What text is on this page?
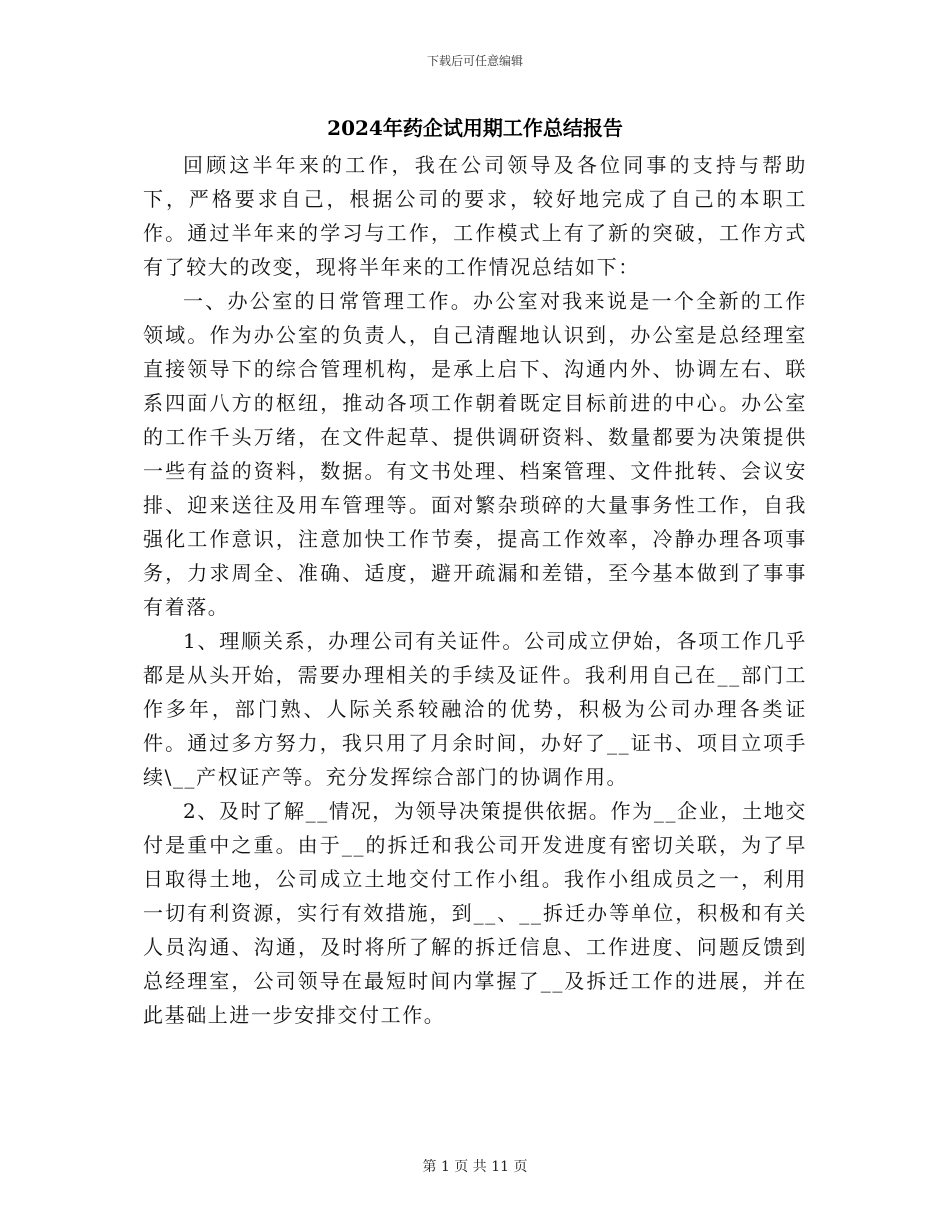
下载后可任意编辑
2024年药企试用期工作总结报告

回顾这半年来的工作，我在公司领导及各位同事的支持与帮助下，严格要求自己，根据公司的要求，较好地完成了自己的本职工作。通过半年来的学习与工作，工作模式上有了新的突破，工作方式有了较大的改变，现将半年来的工作情况总结如下：

一、办公室的日常管理工作。办公室对我来说是一个全新的工作领域。作为办公室的负责人，自己清醒地认识到，办公室是总经理室直接领导下的综合管理机构，是承上启下、沟通内外、协调左右、联系四面八方的枢纽，推动各项工作朝着既定目标前进的中心。办公室的工作千头万绪，在文件起草、提供调研资料、数量都要为决策提供一些有益的资料，数据。有文书处理、档案管理、文件批转、会议安排、迎来送往及用车管理等。面对繁杂琐碎的大量事务性工作，自我强化工作意识，注意加快工作节奏，提高工作效率，冷静办理各项事务，力求周全、准确、适度，避开疏漏和差错，至今基本做到了事事有着落。

1、理顺关系，办理公司有关证件。公司成立伊始，各项工作几乎都是从头开始，需要办理相关的手续及证件。我利用自己在__部门工作多年，部门熟、人际关系较融洽的优势，积极为公司办理各类证件。通过多方努力，我只用了月余时间，办好了__证书、项目立项手续\__产权证产等。充分发挥综合部门的协调作用。

2、及时了解__情况，为领导决策提供依据。作为__企业，土地交付是重中之重。由于__的拆迁和我公司开发进度有密切关联，为了早日取得土地，公司成立土地交付工作小组。我作小组成员之一，利用一切有利资源，实行有效措施，到__、__拆迁办等单位，积极和有关人员沟通、沟通，及时将所了解的拆迁信息、工作进度、问题反馈到总经理室，公司领导在最短时间内掌握了__及拆迁工作的进展，并在此基础上进一步安排交付工作。

第 1 页 共 11 页
